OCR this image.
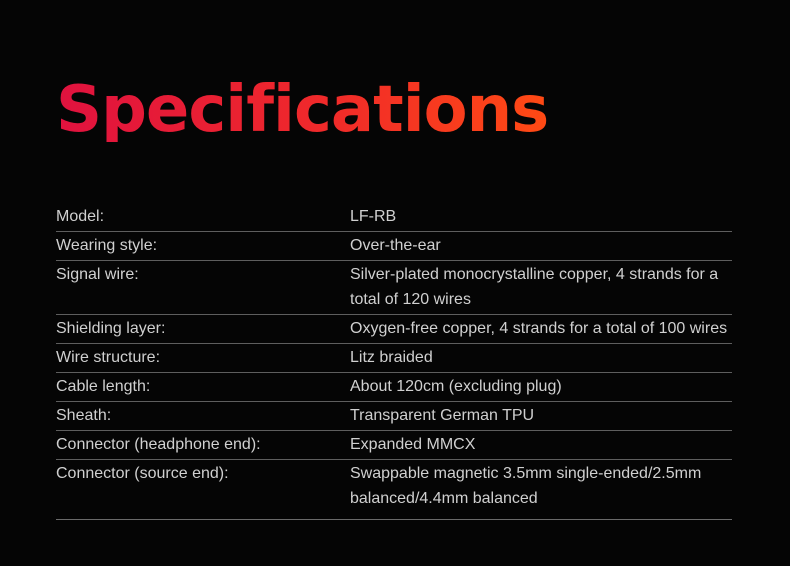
Specifications
Model:	LF-RB
Wearing style:	Over-the-ear
Signal wire:	Silver-plated monocrystalline copper, 4 strands for a total of 120 wires
Shielding layer:	Oxygen-free copper, 4 strands for a total of 100 wires
Wire structure:	Litz braided
Cable length:	About 120cm (excluding plug)
Sheath:	Transparent German TPU
Connector (headphone end):	Expanded MMCX
Connector (source end):	Swappable magnetic 3.5mm single-ended/2.5mm balanced/4.4mm balanced
